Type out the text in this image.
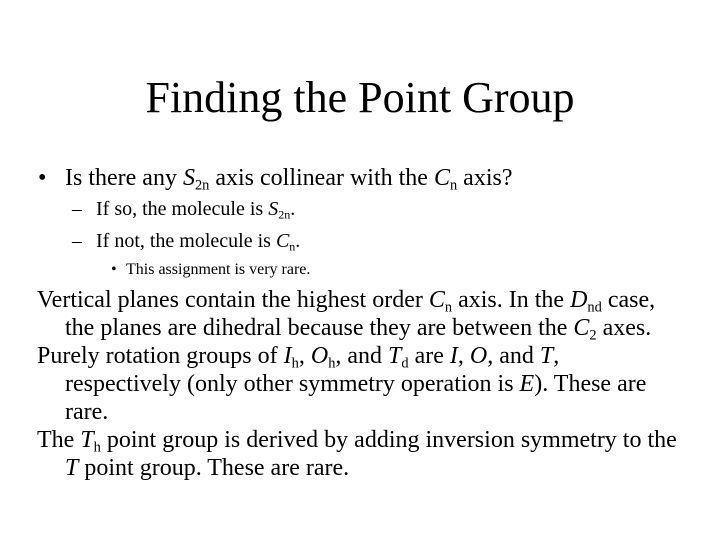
Finding the Point Group
• Is there any $S_{2n}$ axis collinear with the $C_n$ axis?
– If so, the molecule is $S_{2n}$.
– If not, the molecule is $C_n$.
• This assignment is very rare.
Vertical planes contain the highest order $C_n$ axis. In the $D_{nd}$ case,
the planes are dihedral because they are between the $C_2$ axes.
Purely rotation groups of $I_h$, $O_h$, and $T_d$ are I, O, and T,
respectively (only other symmetry operation is E). These are
rare.
The $T_h$ point group is derived by adding inversion symmetry to the
T point group. These are rare.
